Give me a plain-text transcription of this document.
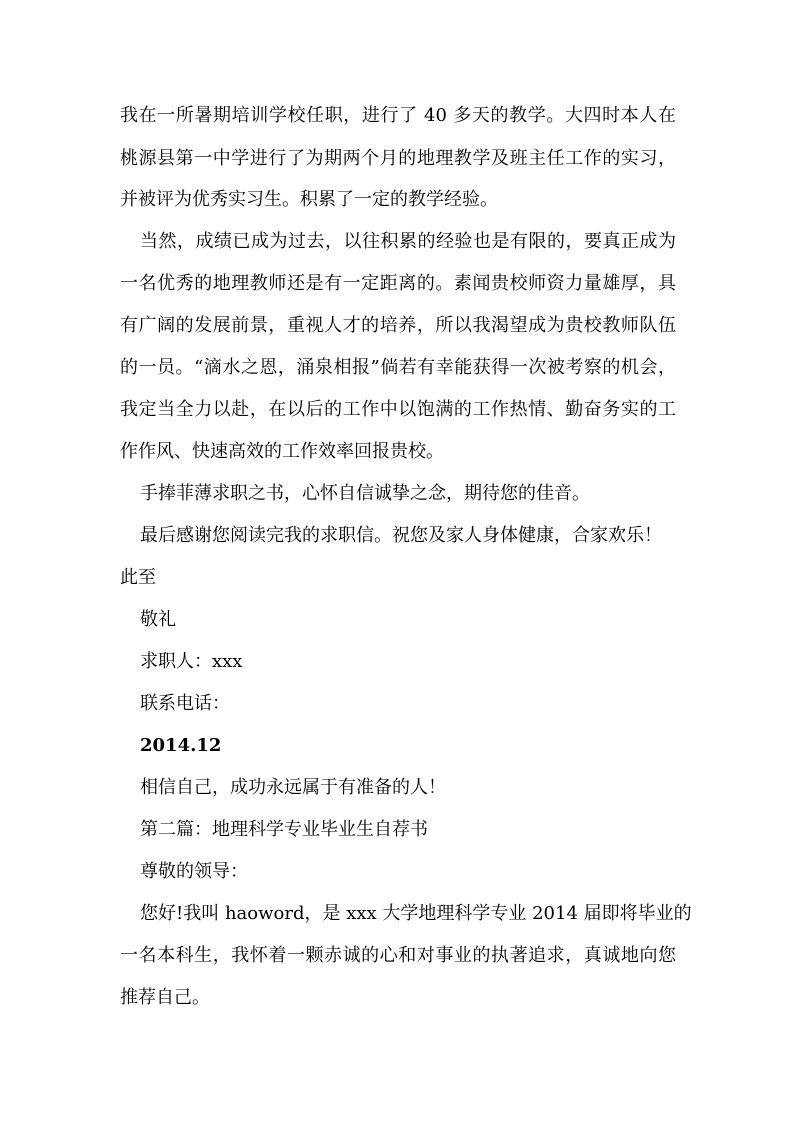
我在一所暑期培训学校任职，进行了 40 多天的教学。大四时本人在
桃源县第一中学进行了为期两个月的地理教学及班主任工作的实习，
并被评为优秀实习生。积累了一定的教学经验。
当然，成绩已成为过去，以往积累的经验也是有限的，要真正成为
一名优秀的地理教师还是有一定距离的。素闻贵校师资力量雄厚，具
有广阔的发展前景，重视人才的培养，所以我渴望成为贵校教师队伍
的一员。“滴水之恩，涌泉相报”倘若有幸能获得一次被考察的机会，
我定当全力以赴，在以后的工作中以饱满的工作热情、勤奋务实的工
作作风、快速高效的工作效率回报贵校。
手捧菲薄求职之书，心怀自信诚挚之念，期待您的佳音。
最后感谢您阅读完我的求职信。祝您及家人身体健康，合家欢乐！
此至
敬礼
求职人：xxx
联系电话：
2014.12
相信自己，成功永远属于有准备的人！
第二篇：地理科学专业毕业生自荐书
尊敬的领导：
您好!我叫 haoword，是 xxx 大学地理科学专业 2014 届即将毕业的
一名本科生，我怀着一颗赤诚的心和对事业的执著追求，真诚地向您
推荐自己。
